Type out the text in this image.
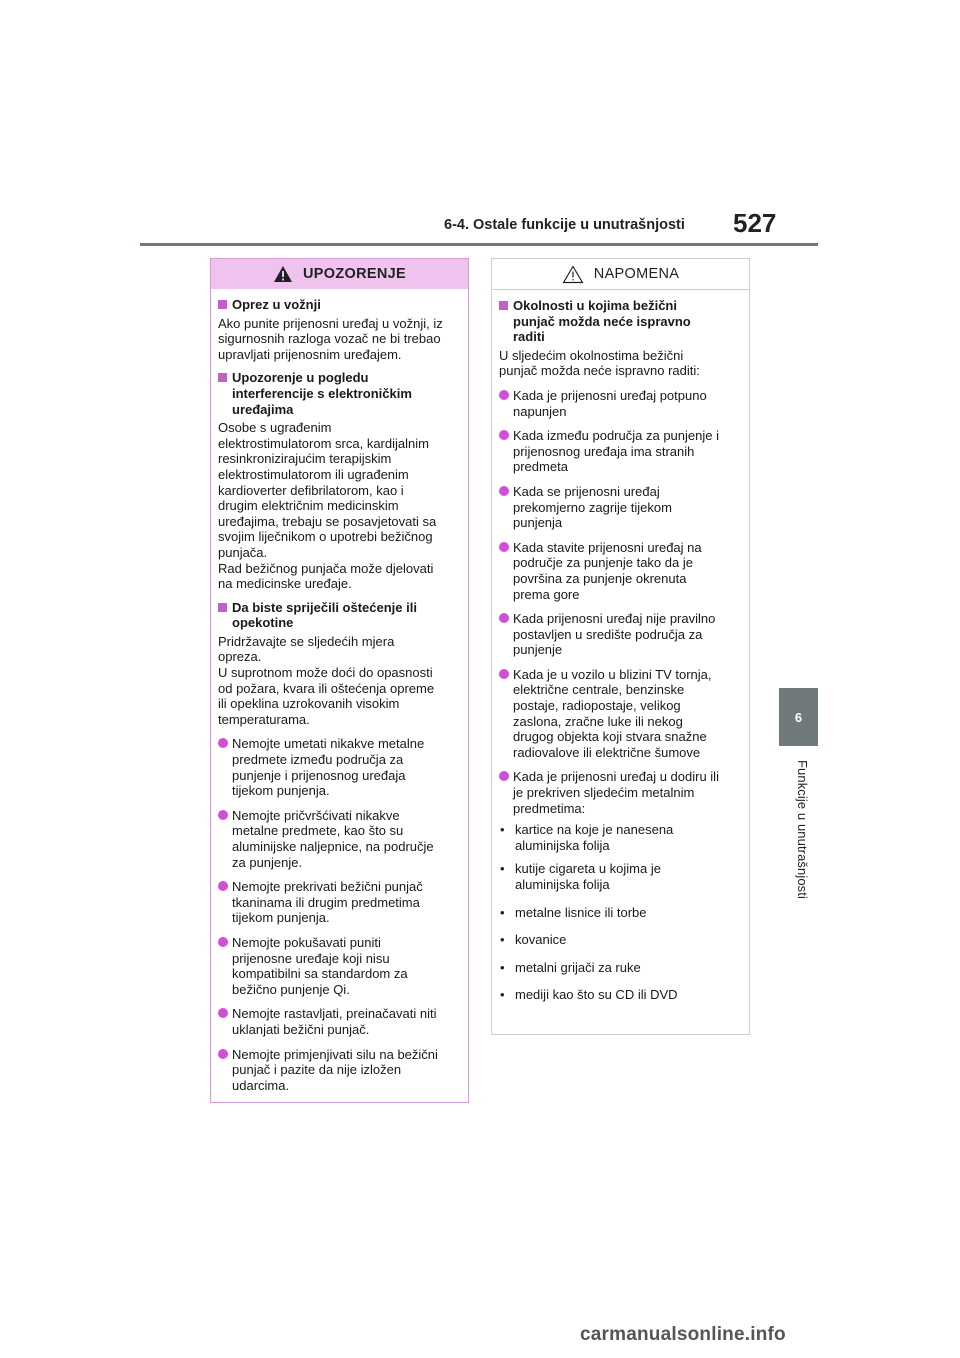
6-4. Ostale funkcije u unutrašnjosti 527
6
Funkcije u unutrašnjosti
UPOZORENJE
Oprez u vožnji
Ako punite prijenosni uređaj u vožnji, iz
sigurnosnih razloga vozač ne bi trebao
upravljati prijenosnim uređajem.
Upozorenje u pogledu
interferencije s elektroničkim
uređajima
Osobe s ugrađenim
elektrostimulatorom srca, kardijalnim
resinkronizirajućim terapijskim
elektrostimulatorom ili ugrađenim
kardioverter defibrilatorom, kao i
drugim električnim medicinskim
uređajima, trebaju se posavjetovati sa
svojim liječnikom o upotrebi bežičnog
punjača.
Rad bežičnog punjača može djelovati
na medicinske uređaje.
Da biste spriječili oštećenje ili
opekotine
Pridržavajte se sljedećih mjera
opreza.
U suprotnom može doći do opasnosti
od požara, kvara ili oštećenja opreme
ili opeklina uzrokovanih visokim
temperaturama.
Nemojte umetati nikakve metalne
predmete između područja za
punjenje i prijenosnog uređaja
tijekom punjenja.
Nemojte pričvršćivati nikakve
metalne predmete, kao što su
aluminijske naljepnice, na područje
za punjenje.
Nemojte prekrivati bežični punjač
tkaninama ili drugim predmetima
tijekom punjenja.
Nemojte pokušavati puniti
prijenosne uređaje koji nisu
kompatibilni sa standardom za
bežično punjenje Qi.
Nemojte rastavljati, preinačavati niti
uklanjati bežični punjač.
Nemojte primjenjivati silu na bežični
punjač i pazite da nije izložen
udarcima.
NAPOMENA
Okolnosti u kojima bežični
punjač možda neće ispravno
raditi
U sljedećim okolnostima bežični
punjač možda neće ispravno raditi:
Kada je prijenosni uređaj potpuno
napunjen
Kada između područja za punjenje i
prijenosnog uređaja ima stranih
predmeta
Kada se prijenosni uređaj
prekomjerno zagrije tijekom
punjenja
Kada stavite prijenosni uređaj na
područje za punjenje tako da je
površina za punjenje okrenuta
prema gore
Kada prijenosni uređaj nije pravilno
postavljen u središte područja za
punjenje
Kada je u vozilo u blizini TV tornja,
električne centrale, benzinske
postaje, radiopostaje, velikog
zaslona, zračne luke ili nekog
drugog objekta koji stvara snažne
radiovalove ili električne šumove
Kada je prijenosni uređaj u dodiru ili
je prekriven sljedećim metalnim
predmetima:
• kartice na koje je nanesena
aluminijska folija
• kutije cigareta u kojima je
aluminijska folija
• metalne lisnice ili torbe
• kovanice
• metalni grijači za ruke
• mediji kao što su CD ili DVD
carmanualsonline.info
